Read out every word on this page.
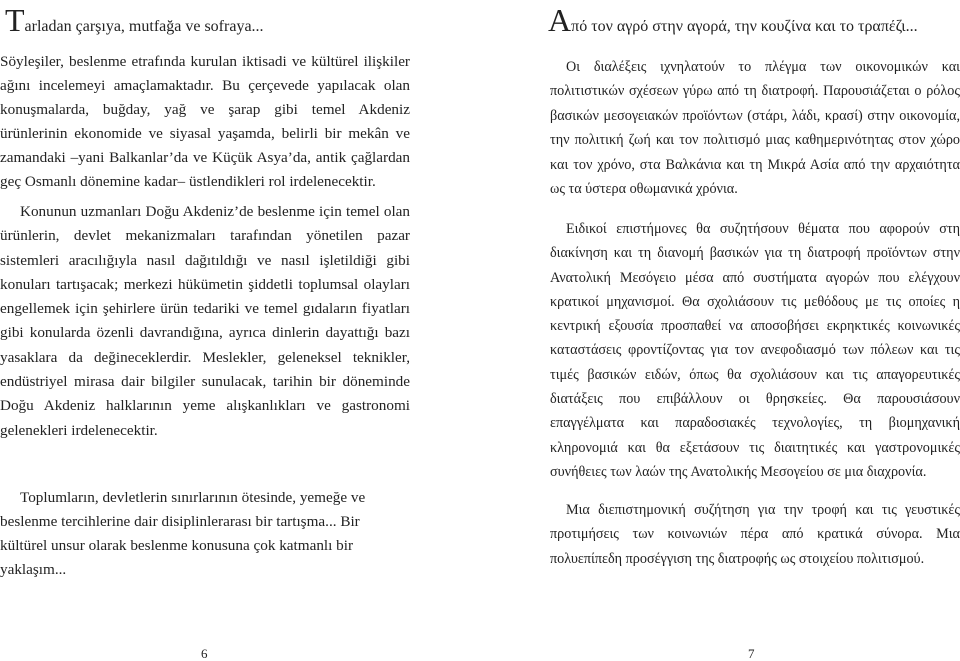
Tarladan çarşıya, mutfağa ve sofraya...

Söyleşiler, beslenme etrafında kurulan iktisadi ve kültürel ilişkiler ağını incelemeyi amaçlamaktadır. Bu çerçevede yapılacak olan konuşmalarda, buğday, yağ ve şarap gibi temel Akdeniz ürünlerinin ekonomide ve siyasal yaşamda, belirli bir mekân ve zamandaki –yani Balkanlar’da ve Küçük Asya’da, antik çağlardan geç Osmanlı dönemine kadar– üstlendikleri rol irdelenecektir.

Konunun uzmanları Doğu Akdeniz’de beslenme için temel olan ürünlerin, devlet mekanizmaları tarafından yönetilen pazar sistemleri aracılığıyla nasıl dağıtıldığı ve nasıl işletildiği gibi konuları tartışacak; merkezi hükümetin şiddetli toplumsal olayları engellemek için şehirlere ürün tedariki ve temel gıdaların fiyatları gibi konularda özenli davrandığına, ayrıca dinlerin dayattığı bazı yasaklara da değineceklerdir. Meslekler, geleneksel teknikler, endüstriyel mirasa dair bilgiler sunulacak, tarihin bir döneminde Doğu Akdeniz halklarının yeme alışkanlıkları ve gastronomi gelenekleri irdelenecektir.

Toplumların, devletlerin sınırlarının ötesinde, yemeğe ve
beslenme tercihlerine dair disiplinlerarası bir tartışma... Bir
kültürel unsur olarak beslenme konusuna çok katmanlı bir
yaklaşım...

6

Από τον αγρό στην αγορά, την κουζίνα και το τραπέζι...

Οι διαλέξεις ιχνηλατούν το πλέγμα των οικονομικών και πολιτιστικών σχέσεων γύρω από τη διατροφή. Παρουσιάζεται ο ρόλος βασικών μεσογειακών προϊόντων (στάρι, λάδι, κρασί) στην οικονομία, την πολιτική ζωή και τον πολιτισμό μιας καθημερινότητας στον χώρο και τον χρόνο, στα Βαλκάνια και τη Μικρά Ασία από την αρχαιότητα ως τα ύστερα οθωμανικά χρόνια.

Ειδικοί επιστήμονες θα συζητήσουν θέματα που αφορούν στη διακίνηση και τη διανομή βασικών για τη διατροφή προϊόντων στην Ανατολική Μεσόγειο μέσα από συστήματα αγορών που ελέγχουν κρατικοί μηχανισμοί. Θα σχολιάσουν τις μεθόδους με τις οποίες η κεντρική εξουσία προσπαθεί να αποσοβήσει εκρηκτικές κοινωνικές καταστάσεις φροντίζοντας για τον ανεφοδιασμό των πόλεων και τις τιμές βασικών ειδών, όπως θα σχολιάσουν και τις απαγορευτικές διατάξεις που επιβάλλουν οι θρησκείες. Θα παρουσιάσουν επαγγέλματα και παραδοσιακές τεχνολογίες, τη βιομηχανική κληρονομιά και θα εξετάσουν τις διαιτητικές και γαστρονομικές συνήθειες των λαών της Ανατολικής Μεσογείου σε μια διαχρονία.

Μια διεπιστημονική συζήτηση για την τροφή και τις γευστικές προτιμήσεις των κοινωνιών πέρα από κρατικά σύνορα. Μια πολυεπίπεδη προσέγγιση της διατροφής ως στοιχείου πολιτισμού.

7
